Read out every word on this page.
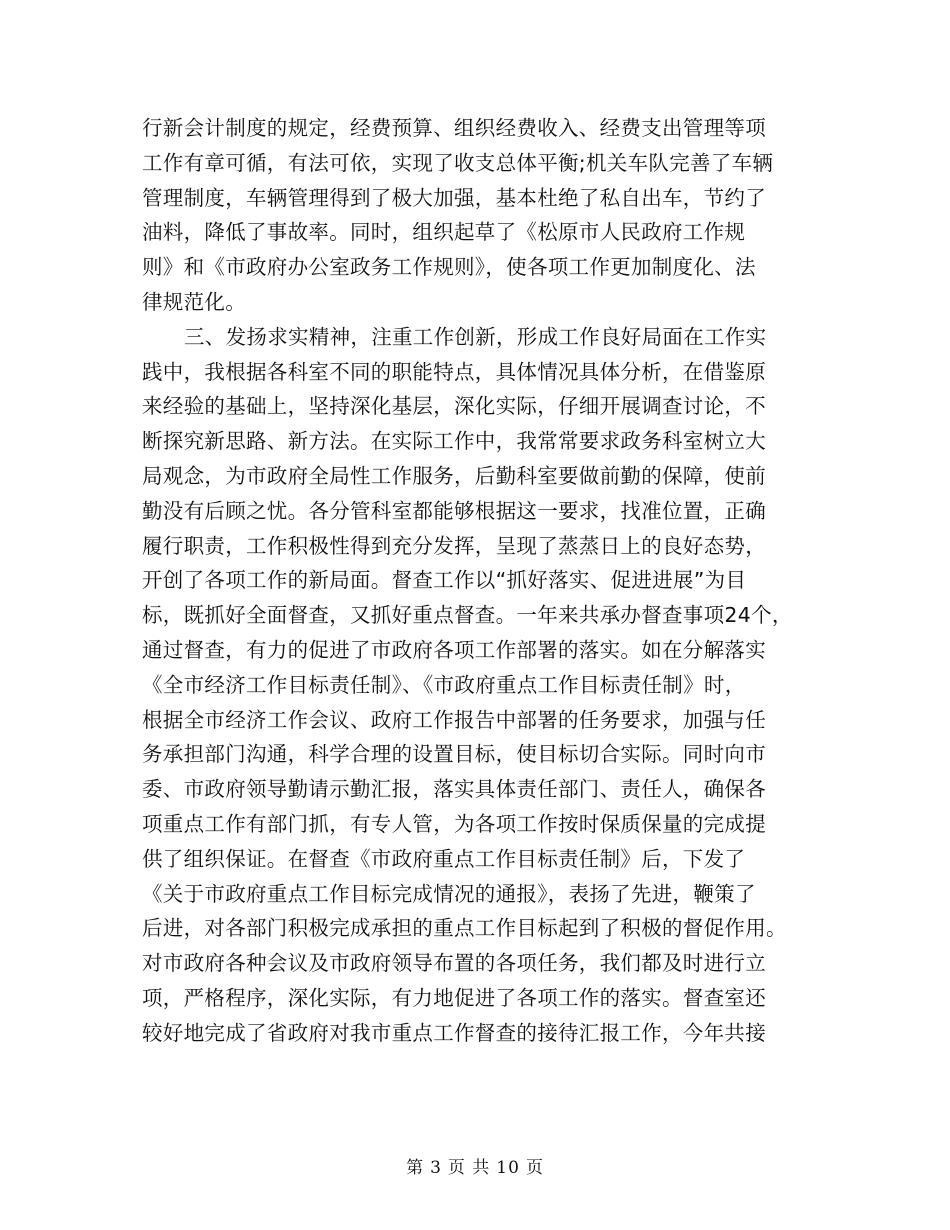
行新会计制度的规定，经费预算、组织经费收入、经费支出管理等项
工作有章可循，有法可依，实现了收支总体平衡;机关车队完善了车辆
管理制度，车辆管理得到了极大加强，基本杜绝了私自出车，节约了
油料，降低了事故率。同时，组织起草了《松原市人民政府工作规
则》和《市政府办公室政务工作规则》，使各项工作更加制度化、法
律规范化。
三、发扬求实精神，注重工作创新，形成工作良好局面在工作实
践中，我根据各科室不同的职能特点，具体情况具体分析，在借鉴原
来经验的基础上，坚持深化基层，深化实际，仔细开展调查讨论，不
断探究新思路、新方法。在实际工作中，我常常要求政务科室树立大
局观念，为市政府全局性工作服务，后勤科室要做前勤的保障，使前
勤没有后顾之忧。各分管科室都能够根据这一要求，找准位置，正确
履行职责，工作积极性得到充分发挥，呈现了蒸蒸日上的良好态势，
开创了各项工作的新局面。督查工作以“抓好落实、促进进展”为目
标，既抓好全面督查，又抓好重点督查。一年来共承办督查事项24个，
通过督查，有力的促进了市政府各项工作部署的落实。如在分解落实
《全市经济工作目标责任制》、《市政府重点工作目标责任制》时，
根据全市经济工作会议、政府工作报告中部署的任务要求，加强与任
务承担部门沟通，科学合理的设置目标，使目标切合实际。同时向市
委、市政府领导勤请示勤汇报，落实具体责任部门、责任人，确保各
项重点工作有部门抓，有专人管，为各项工作按时保质保量的完成提
供了组织保证。在督查《市政府重点工作目标责任制》后，下发了
《关于市政府重点工作目标完成情况的通报》，表扬了先进，鞭策了
后进，对各部门积极完成承担的重点工作目标起到了积极的督促作用。
对市政府各种会议及市政府领导布置的各项任务，我们都及时进行立
项，严格程序，深化实际，有力地促进了各项工作的落实。督查室还
较好地完成了省政府对我市重点工作督查的接待汇报工作，今年共接
第 3 页 共 10 页
